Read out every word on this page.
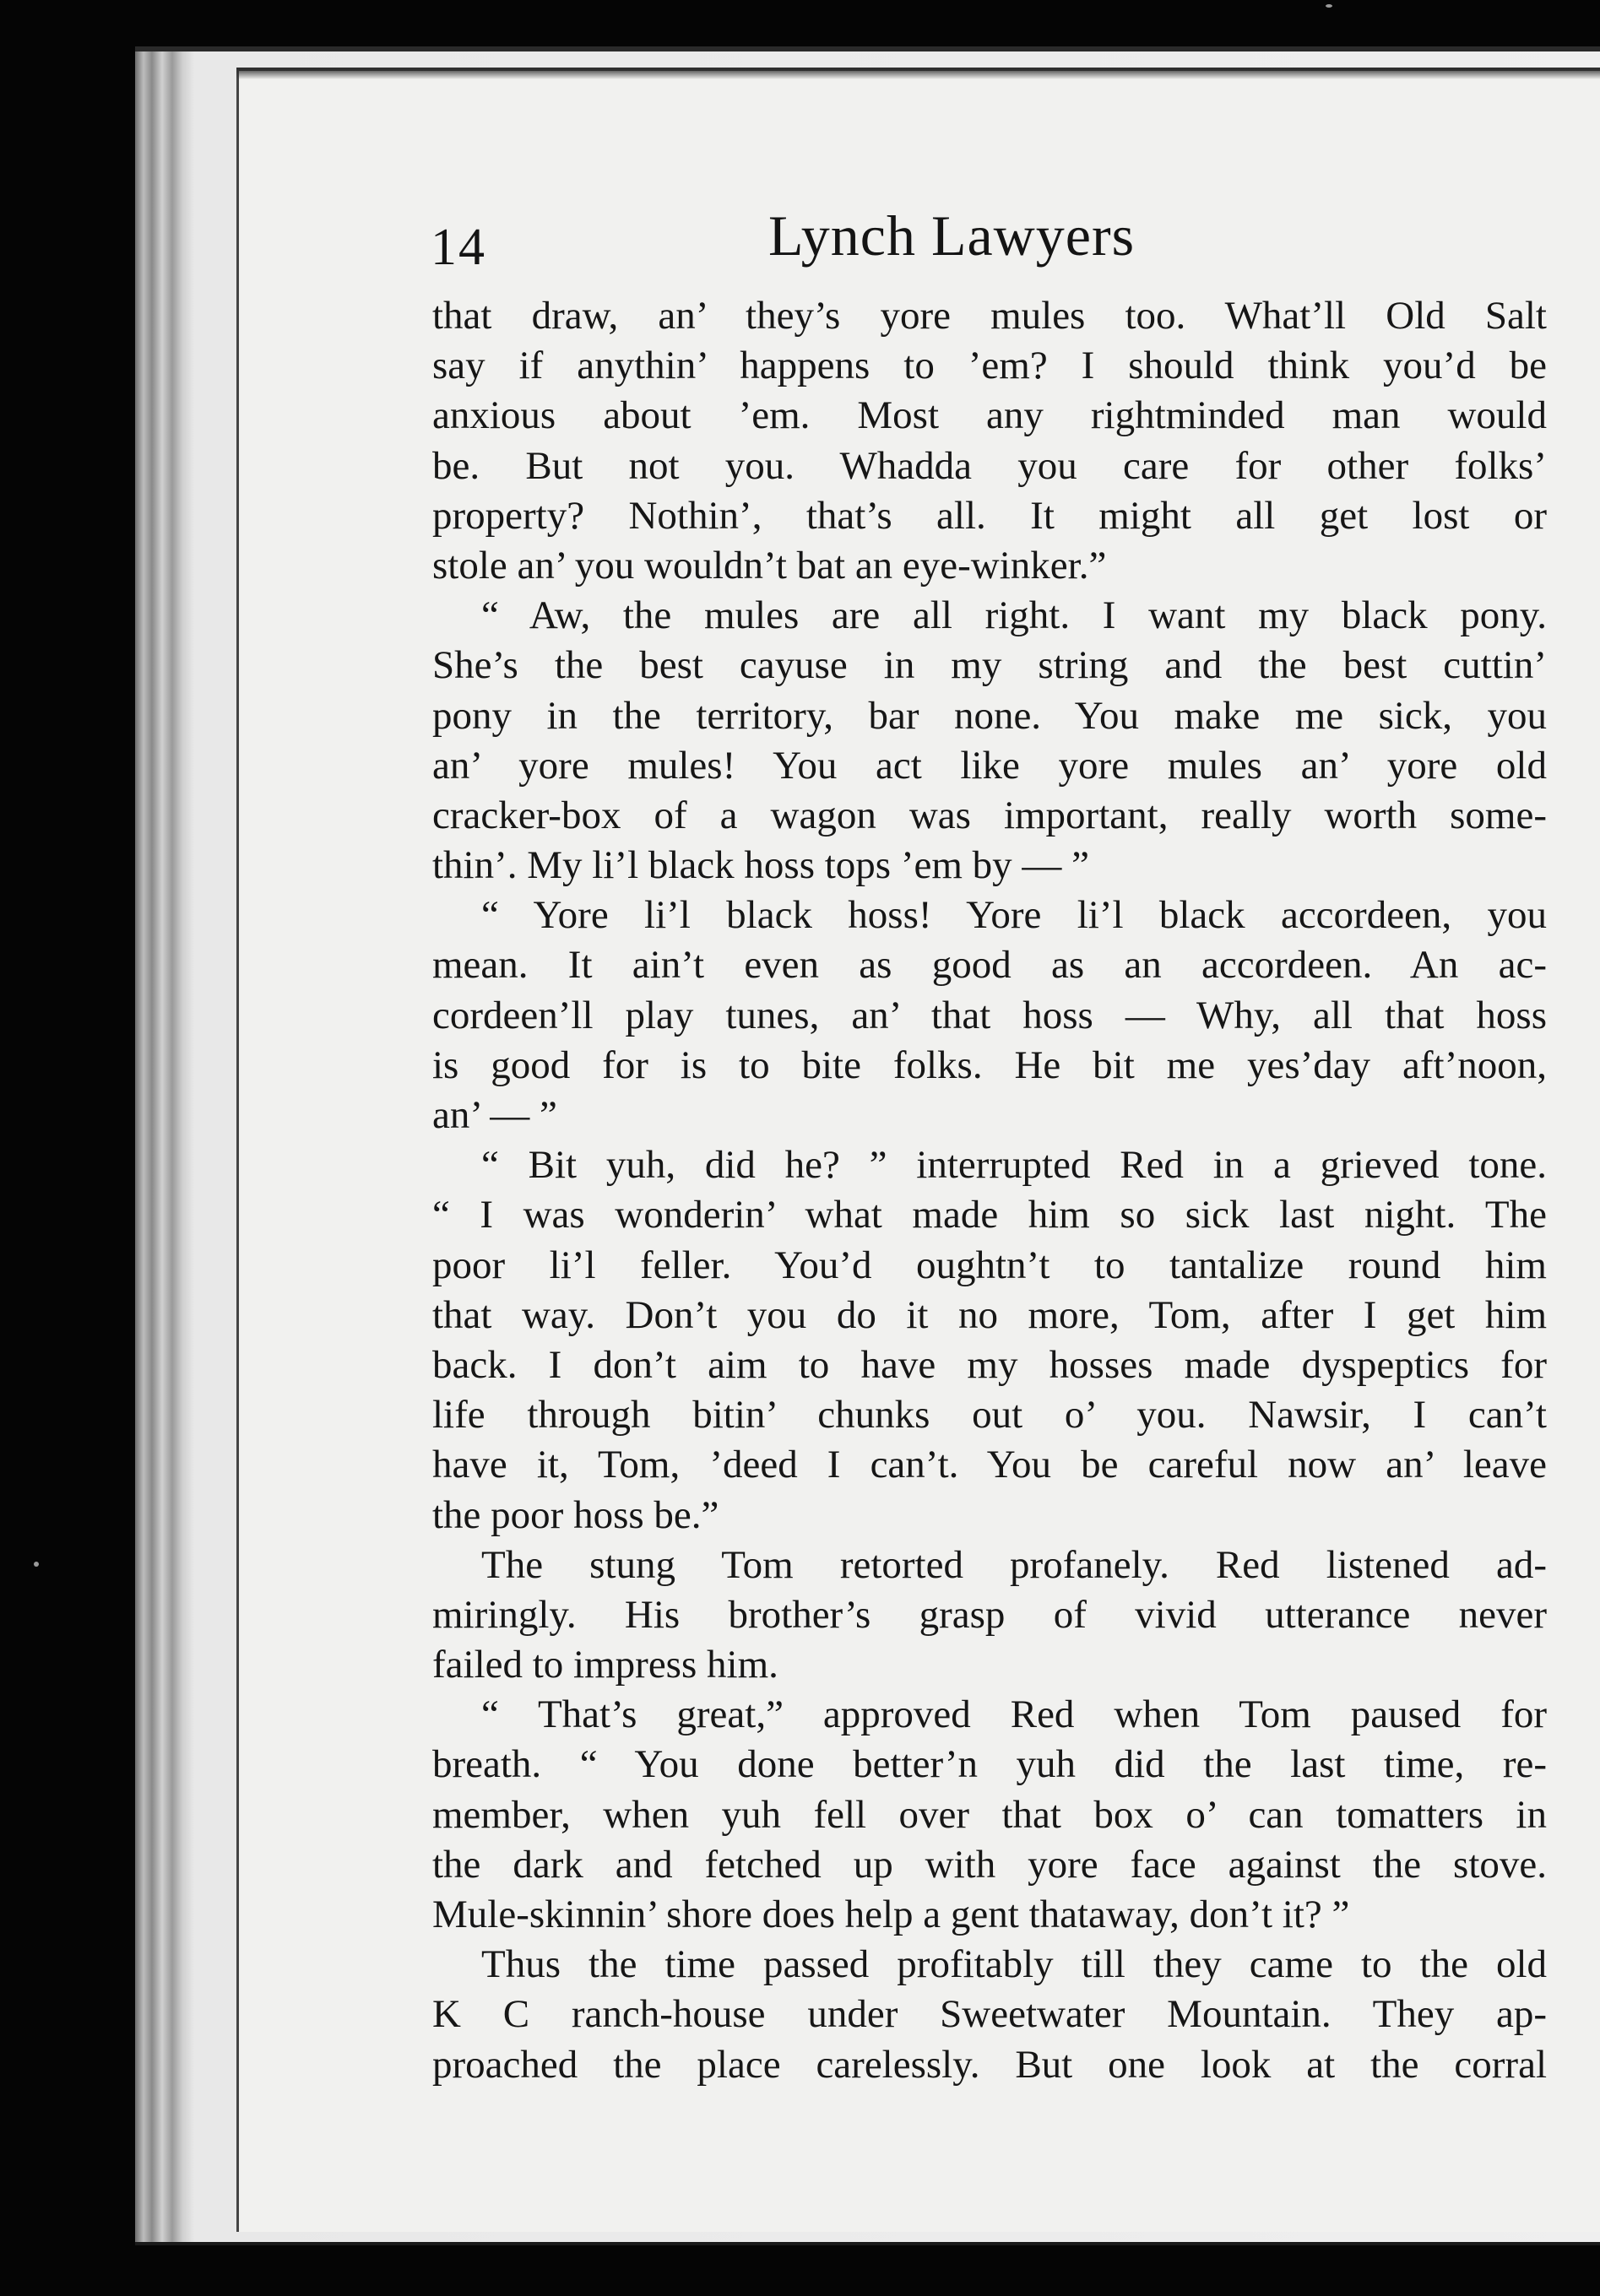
14	Lynch Lawyers
that draw, an’ they’s yore mules too. What’ll Old Salt
say if anythin’ happens to ’em? I should think you’d be
anxious about ’em. Most any rightminded man would
be. But not you. Whadda you care for other folks’
property? Nothin’, that’s all. It might all get lost or
stole an’ you wouldn’t bat an eye-winker.”
“ Aw, the mules are all right. I want my black pony.
She’s the best cayuse in my string and the best cuttin’
pony in the territory, bar none. You make me sick, you
an’ yore mules! You act like yore mules an’ yore old
cracker-box of a wagon was important, really worth some-
thin’. My li’l black hoss tops ’em by — ”
“ Yore li’l black hoss! Yore li’l black accordeen, you
mean. It ain’t even as good as an accordeen. An ac-
cordeen’ll play tunes, an’ that hoss — Why, all that hoss
is good for is to bite folks. He bit me yes’day aft’noon,
an’ — ”
“ Bit yuh, did he? ” interrupted Red in a grieved tone.
“ I was wonderin’ what made him so sick last night. The
poor li’l feller. You’d oughtn’t to tantalize round him
that way. Don’t you do it no more, Tom, after I get him
back. I don’t aim to have my hosses made dyspeptics for
life through bitin’ chunks out o’ you. Nawsir, I can’t
have it, Tom, ’deed I can’t. You be careful now an’ leave
the poor hoss be.”
The stung Tom retorted profanely. Red listened ad-
miringly. His brother’s grasp of vivid utterance never
failed to impress him.
“ That’s great,” approved Red when Tom paused for
breath. “ You done better’n yuh did the last time, re-
member, when yuh fell over that box o’ can tomatters in
the dark and fetched up with yore face against the stove.
Mule-skinnin’ shore does help a gent thataway, don’t it? ”
Thus the time passed profitably till they came to the old
K C ranch-house under Sweetwater Mountain. They ap-
proached the place carelessly. But one look at the corral
